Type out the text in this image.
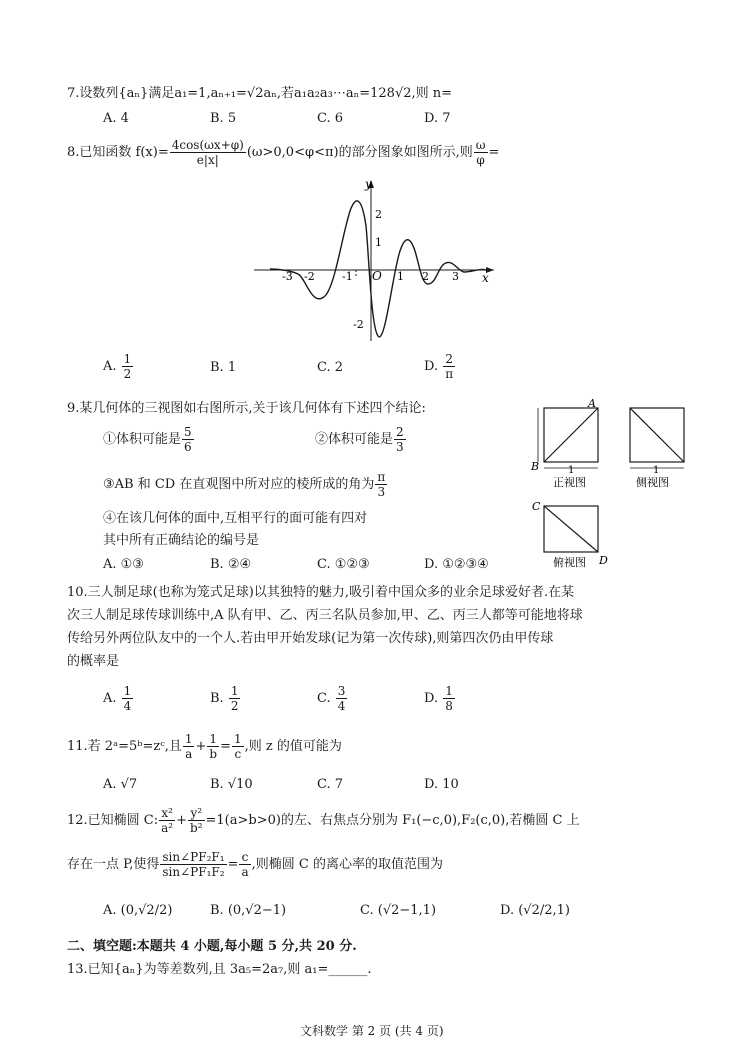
7.设数列{aₙ}满足a₁=1,aₙ₊₁=√2aₙ,若a₁a₂a₃⋯aₙ=128√2,则 n=
A. 4	B. 5	C. 6	D. 7
8.已知函数 $f(x)= \frac{4\cos(\omega x+\varphi)}{e|x|} (\omega>0,0<\varphi<\pi)$的部分图象如图所示,则 $\frac{\omega}{\varphi}$ =
y
x
O
-3 -2 -1	1 2 3
2
1
-2
A. $\frac{1}{2}$	B. 1	C. 2	D. $\frac{2}{\pi}$
9.某几何体的三视图如右图所示,关于该几何体有下述四个结论:
①体积可能是 $\frac{5}{6}$	②体积可能是 $\frac{2}{3}$
③AB 和 CD 在直观图中所对应的棱所成的角为 $\frac{\pi}{3}$
④在该几何体的面中,互相平行的面可能有四对
其中所有正确结论的编号是
A. ①③	B. ②④	C. ①②③	D. ①②③④
A
B	1
正视图
1
侧视图
C
D
俯视图
10.三人制足球(也称为笼式足球)以其独特的魅力,吸引着中国众多的业余足球爱好者.在某
次三人制足球传球训练中,A 队有甲、乙、丙三名队员参加,甲、乙、丙三人都等可能地将球
传给另外两位队友中的一个人.若由甲开始发球(记为第一次传球),则第四次仍由甲传球
的概率是
A. $\frac{1}{4}$	B. $\frac{1}{2}$	C. $\frac{3}{4}$	D. $\frac{1}{8}$
11.若 2ᵃ=5ᵇ=zᶜ,且 $\frac{1}{a} + \frac{1}{b} = \frac{1}{c}$ ,则 z 的值可能为
A. √7	B. √10	C. 7	D. 10
12.已知椭圆 C: $\frac{\text{x²}}{\text{a²}} + \frac{\text{y²}}{\text{b²}} =1(a>b>0)$的左、右焦点分别为 F₁(−c,0),F₂(c,0),若椭圆 C 上
存在一点 P,使得 $\frac{\text{sin∠PF₂F₁}}{\text{sin∠PF₁F₂}} = \frac{c}{a}$ ,则椭圆 C 的离心率的取值范围为
A. (0,√2/2)	B. (0,√2−1)	C. (√2−1,1)	D. (√2/2,1)
二、填空题:本题共 4 小题,每小题 5 分,共 20 分.
13.已知{aₙ}为等差数列,且 3a₅=2a₇,则 a₁=______.
文科数学 第 2 页 (共 4 页)
